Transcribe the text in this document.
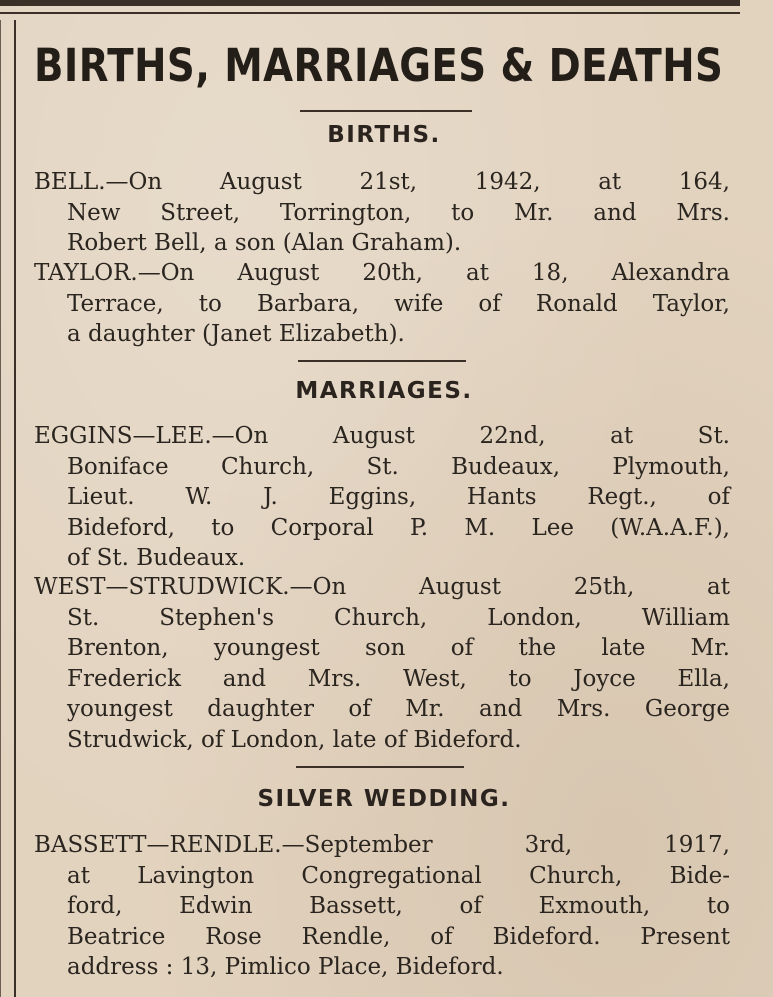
BIRTHS, MARRIAGES & DEATHS
BIRTHS.
BELL.—On August 21st, 1942, at 164,
New Street, Torrington, to Mr. and Mrs.
Robert Bell, a son (Alan Graham).
TAYLOR.—On August 20th, at 18, Alexandra
Terrace, to Barbara, wife of Ronald Taylor,
a daughter (Janet Elizabeth).
MARRIAGES.
EGGINS—LEE.—On August 22nd, at St.
Boniface Church, St. Budeaux, Plymouth,
Lieut. W. J. Eggins, Hants Regt., of
Bideford, to Corporal P. M. Lee (W.A.A.F.),
of St. Budeaux.
WEST—STRUDWICK.—On August 25th, at
St. Stephen's Church, London, William
Brenton, youngest son of the late Mr.
Frederick and Mrs. West, to Joyce Ella,
youngest daughter of Mr. and Mrs. George
Strudwick, of London, late of Bideford.
SILVER WEDDING.
BASSETT—RENDLE.—September 3rd, 1917,
at Lavington Congregational Church, Bide-
ford, Edwin Bassett, of Exmouth, to
Beatrice Rose Rendle, of Bideford. Present
address : 13, Pimlico Place, Bideford.
